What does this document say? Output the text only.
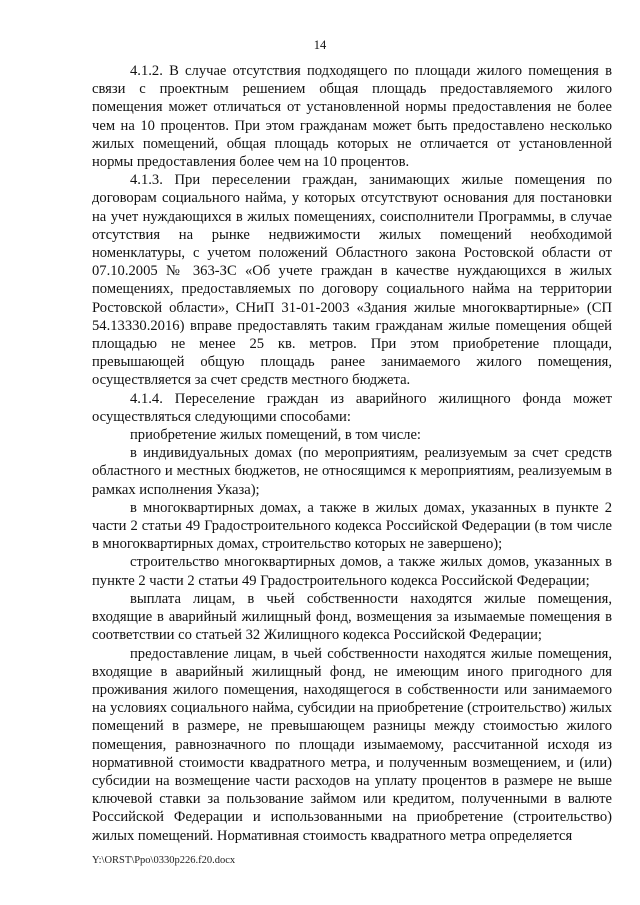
14

4.1.2. В случае отсутствия подходящего по площади жилого помещения в связи с проектным решением общая площадь предоставляемого жилого помещения может отличаться от установленной нормы предоставления не более чем на 10 процентов. При этом гражданам может быть предоставлено несколько жилых помещений, общая площадь которых не отличается от установленной нормы предоставления более чем на 10 процентов.

4.1.3. При переселении граждан, занимающих жилые помещения по договорам социального найма, у которых отсутствуют основания для постановки на учет нуждающихся в жилых помещениях, соисполнители Программы, в случае отсутствия на рынке недвижимости жилых помещений необходимой номенклатуры, с учетом положений Областного закона Ростовской области от 07.10.2005 № 363-ЗС «Об учете граждан в качестве нуждающихся в жилых помещениях, предоставляемых по договору социального найма на территории Ростовской области», СНиП 31-01-2003 «Здания жилые многоквартирные» (СП 54.13330.2016) вправе предоставлять таким гражданам жилые помещения общей площадью не менее 25 кв. метров. При этом приобретение площади, превышающей общую площадь ранее занимаемого жилого помещения, осуществляется за счет средств местного бюджета.

4.1.4. Переселение граждан из аварийного жилищного фонда может осуществляться следующими способами:

приобретение жилых помещений, в том числе:

в индивидуальных домах (по мероприятиям, реализуемым за счет средств областного и местных бюджетов, не относящимся к мероприятиям, реализуемым в рамках исполнения Указа);

в многоквартирных домах, а также в жилых домах, указанных в пункте 2 части 2 статьи 49 Градостроительного кодекса Российской Федерации (в том числе в многоквартирных домах, строительство которых не завершено);

строительство многоквартирных домов, а также жилых домов, указанных в пункте 2 части 2 статьи 49 Градостроительного кодекса Российской Федерации;

выплата лицам, в чьей собственности находятся жилые помещения, входящие в аварийный жилищный фонд, возмещения за изымаемые помещения в соответствии со статьей 32 Жилищного кодекса Российской Федерации;

предоставление лицам, в чьей собственности находятся жилые помещения, входящие в аварийный жилищный фонд, не имеющим иного пригодного для проживания жилого помещения, находящегося в собственности или занимаемого на условиях социального найма, субсидии на приобретение (строительство) жилых помещений в размере, не превышающем разницы между стоимостью жилого помещения, равнозначного по площади изымаемому, рассчитанной исходя из нормативной стоимости квадратного метра, и полученным возмещением, и (или) субсидии на возмещение части расходов на уплату процентов в размере не выше ключевой ставки за пользование займом или кредитом, полученными в валюте Российской Федерации и использованными на приобретение (строительство) жилых помещений. Нормативная стоимость квадратного метра определяется

Y:\ORST\Ppo\0330p226.f20.docx
